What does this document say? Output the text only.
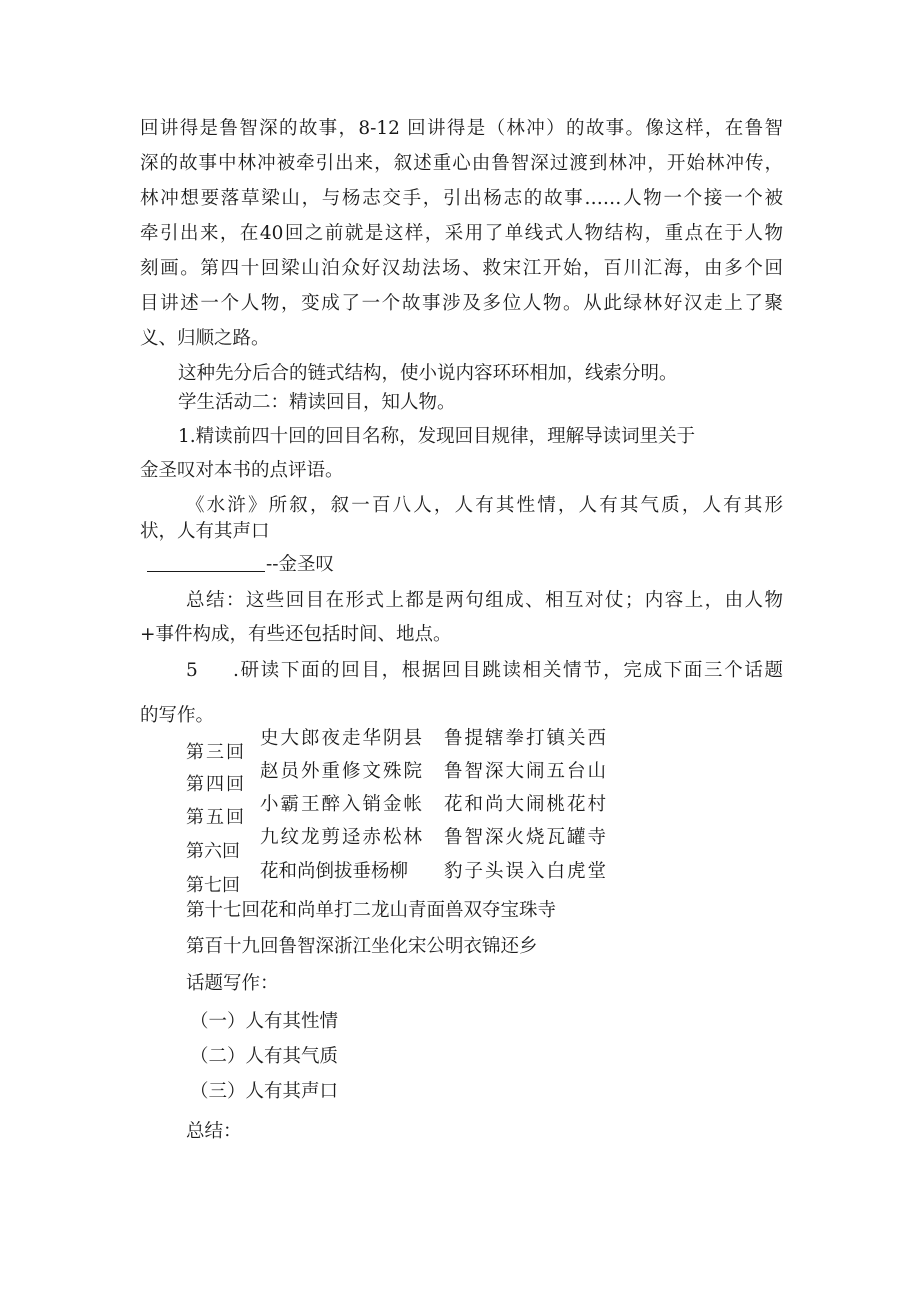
回讲得是鲁智深的故事，8-12 回讲得是（林冲）的故事。像这样，在鲁智
深的故事中林冲被牵引出来，叙述重心由鲁智深过渡到林冲，开始林冲传，
林冲想要落草梁山，与杨志交手，引出杨志的故事……人物一个接一个被
牵引出来，在40回之前就是这样，采用了单线式人物结构，重点在于人物
刻画。第四十回梁山泊众好汉劫法场、救宋江开始，百川汇海，由多个回
目讲述一个人物，变成了一个故事涉及多位人物。从此绿林好汉走上了聚
义、归顺之路。
这种先分后合的链式结构，使小说内容环环相加，线索分明。
学生活动二：精读回目，知人物。
1.精读前四十回的回目名称，发现回目规律，理解导读词里关于
金圣叹对本书的点评语。
《水浒》所叙，叙一百八人，人有其性情，人有其气质，人有其形
状，人有其声口
--金圣叹
总结：这些回目在形式上都是两句组成、相互对仗；内容上，由人物
+事件构成，有些还包括时间、地点。
5 .研读下面的回目，根据回目跳读相关情节，完成下面三个话题
的写作。
第三回
史大郎夜走华阴县 鲁提辖拳打镇关西
第四回
赵员外重修文殊院 鲁智深大闹五台山
第五回
小霸王醉入销金帐 花和尚大闹桃花村
第六回
九纹龙剪迳赤松林 鲁智深火烧瓦罐寺
第七回
花和尚倒拔垂杨柳 豹子头误入白虎堂
第十七回花和尚单打二龙山青面兽双夺宝珠寺
第百十九回鲁智深浙江坐化宋公明衣锦还乡
话题写作：
（一）人有其性情
（二）人有其气质
（三）人有其声口
总结：
